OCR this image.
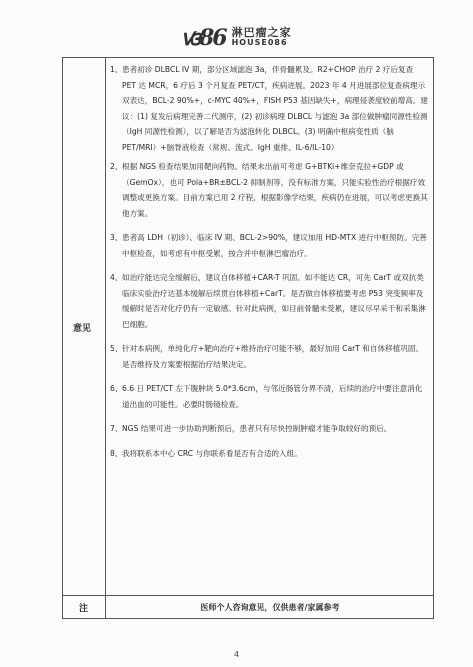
ꟃ86 淋巴瘤之家
HOUSE086
意见
注	医师个人咨询意见，仅供患者/家属参考
1、 患者初诊 DLBCL IV 期，部分区域滤泡 3a，伴骨髓累及。R2+CHOP 治疗 2 疗后复查 PET 达 MCR，6 疗后 3 个月复查 PET/CT，疾病进展。2023 年 4 月进展部位复查病理示双表达，BCL-2 90%+，c-MYC 40%+，FISH P53 基因缺失+，病理侵袭度较前增高。建议：(1) 复发后病理完善二代测序，(2) 初诊病理 DLBCL 与滤泡 3a 部位做肿瘤同源性检测（IgH 同源性检测），以了解是否为滤泡转化 DLBCL。(3) 明确中枢病变性质（脑 PET/MRI）+脑脊液检查（常规、流式、IgH 重排、IL-6/IL-10）

2、 根据 NGS 检查结果加用靶向药物。结果未出前可考虑 G+BTKi+维奈克拉+GDP 或（GemOx），也可 Pola+BR±BCL-2 抑制剂等，没有标准方案，只能实验性治疗根据疗效调整或更换方案。目前方案已用 2 疗程，根据影像学结果，疾病仍在进展，可以考虑更换其他方案。

3、 患者高 LDH（初诊）、临床 IV 期、BCL-2>90%，建议加用 HD-MTX 进行中枢预防。完善中枢检查，如考虑有中枢受累，按合并中枢淋巴瘤治疗。

4、 如治疗能达完全缓解后，建议自体移植+CAR-T 巩固。如不能达 CR，可先 CarT 或双抗类临床实验治疗达基本缓解后续贯自体移植+CarT。是否做自体移植要考虑 P53 突变频率及缓解时是否对化疗仍有一定敏感。针对此病例，如目前骨髓未受累，建议尽早采干和采集淋巴细胞。

5、 针对本病例，单纯化疗+靶向治疗+维持治疗可能不够，最好加用 CarT 和自体移植巩固。是否维持及方案要根据治疗结果决定。

6、 6.6 日 PET/CT 左下腹肿块 5.0*3.6cm，与邻近肠管分界不清，后续的治疗中要注意消化道出血的可能性。必要时肠镜检查。

7、 NGS 结果可进一步协助判断预后，患者只有尽快控制肿瘤才能争取较好的预后。

8、 我将联系本中心 CRC 与你联系看是否有合适的入组。

4
